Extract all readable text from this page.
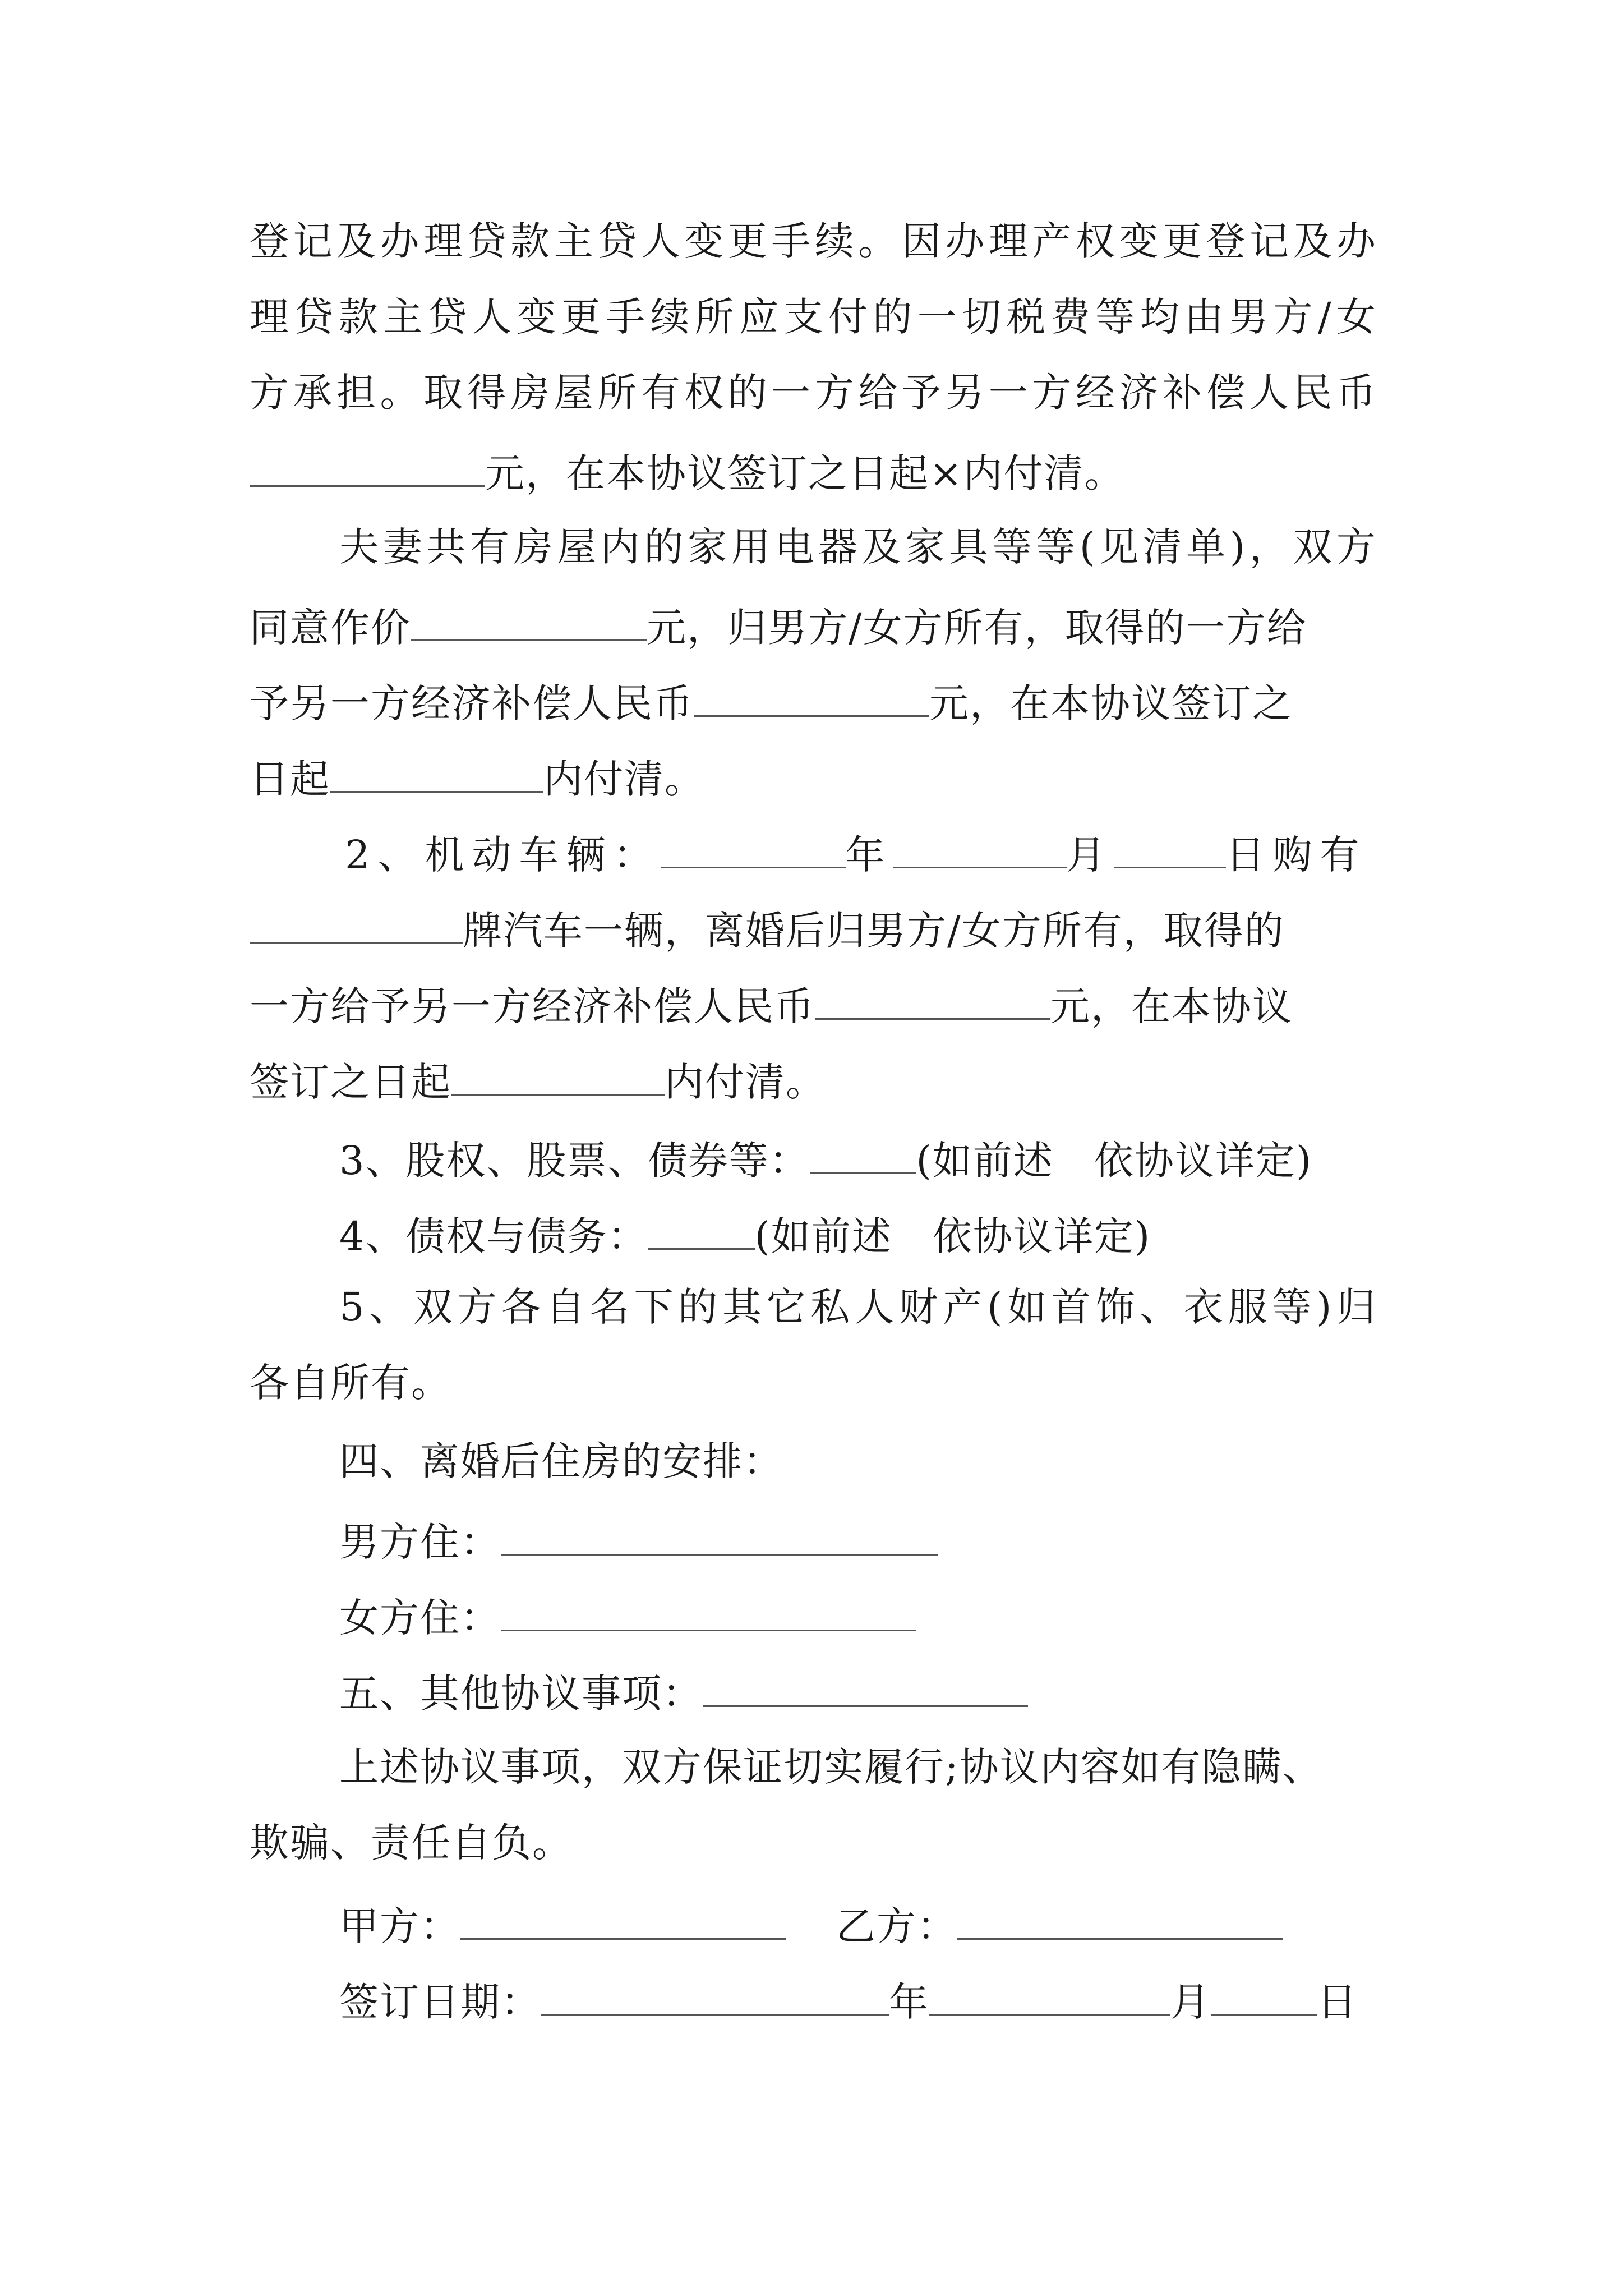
登记及办理贷款主贷人变更手续。因办理产权变更登记及办
理贷款主贷人变更手续所应支付的一切税费等均由男方/女
方承担。取得房屋所有权的一方给予另一方经济补偿人民币
元，在本协议签订之日起×内付清。
夫妻共有房屋内的家用电器及家具等等(见清单)，双方
同意作价	元，归男方/女方所有，取得的一方给
予另一方经济补偿人民币	元，在本协议签订之
日起	内付清。
2、机动车辆：	年	月	日购有
牌汽车一辆，离婚后归男方/女方所有，取得的
一方给予另一方经济补偿人民币	元，在本协议
签订之日起	内付清。
3、股权、股票、债券等：	(如前述　依协议详定)
4、债权与债务：	(如前述　依协议详定)
5、双方各自名下的其它私人财产(如首饰、衣服等)归
各自所有。
四、离婚后住房的安排：
男方住：
女方住：
五、其他协议事项：
上述协议事项，双方保证切实履行;协议内容如有隐瞒、
欺骗、责任自负。
甲方：	乙方：
签订日期：	年	月	日
